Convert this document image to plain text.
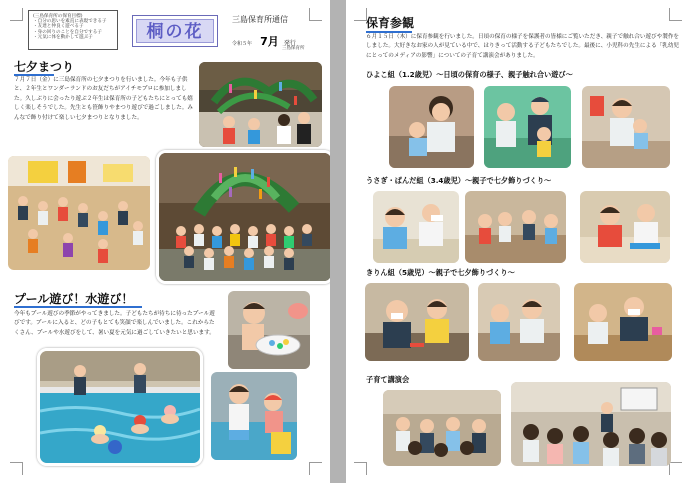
(三島保育所の保育目標)
・自分の思いを素直に表現できる子
・友達と仲良く遊べる子
・身の回りのことを自分でする子
・元気に体を動かして遊ぶ子	桐の花
三島保育所通信
令和５年 7月 発行
三島保育所
七夕まつり
７月７日（金）に三島保育所の七夕まつりを行いました。今年も子供と、２年生とワンダーランドのお友だちがアイチモプロに参加しました。久しぶりに会ったり遊ぶ２年生は保育所の子どもたちにとっても嬉しく楽しそうでした。先生とも笹飾りやまつり遊びで過ごしました。みんなで飾り付けて楽しい七夕まつりとなりました。
プール遊び！水遊び！
今年もプール遊びの季節がやってきました。子どもたちが待ちに待ったプール遊びです。プールに入ると、どの子もとても笑顔で楽しんでいました。これからたくさん、プールや水遊びをして、暑い夏を元気に過ごしていきたいと思います。
保育参観
６月１５日（木）に保育参観を行いました。日頃の保育の様子を保護者の皆様にご覧いただき、親子で触れ合い遊びや製作をしました。大好きなお家の人が見ている中で、はりきって活動する子どもたちでした。最後に、小児科の先生による「乳幼児にとってのメディアの影響」についての子育て講演会がありました。
ひよこ組（1.2歳児）～日頃の保育の様子、親子触れ合い遊び～
うさぎ・ぱんだ組（3.4歳児）～親子で七夕飾りづくり～
きりん組（5歳児）～親子で七夕飾りづくり～
子育て講演会
